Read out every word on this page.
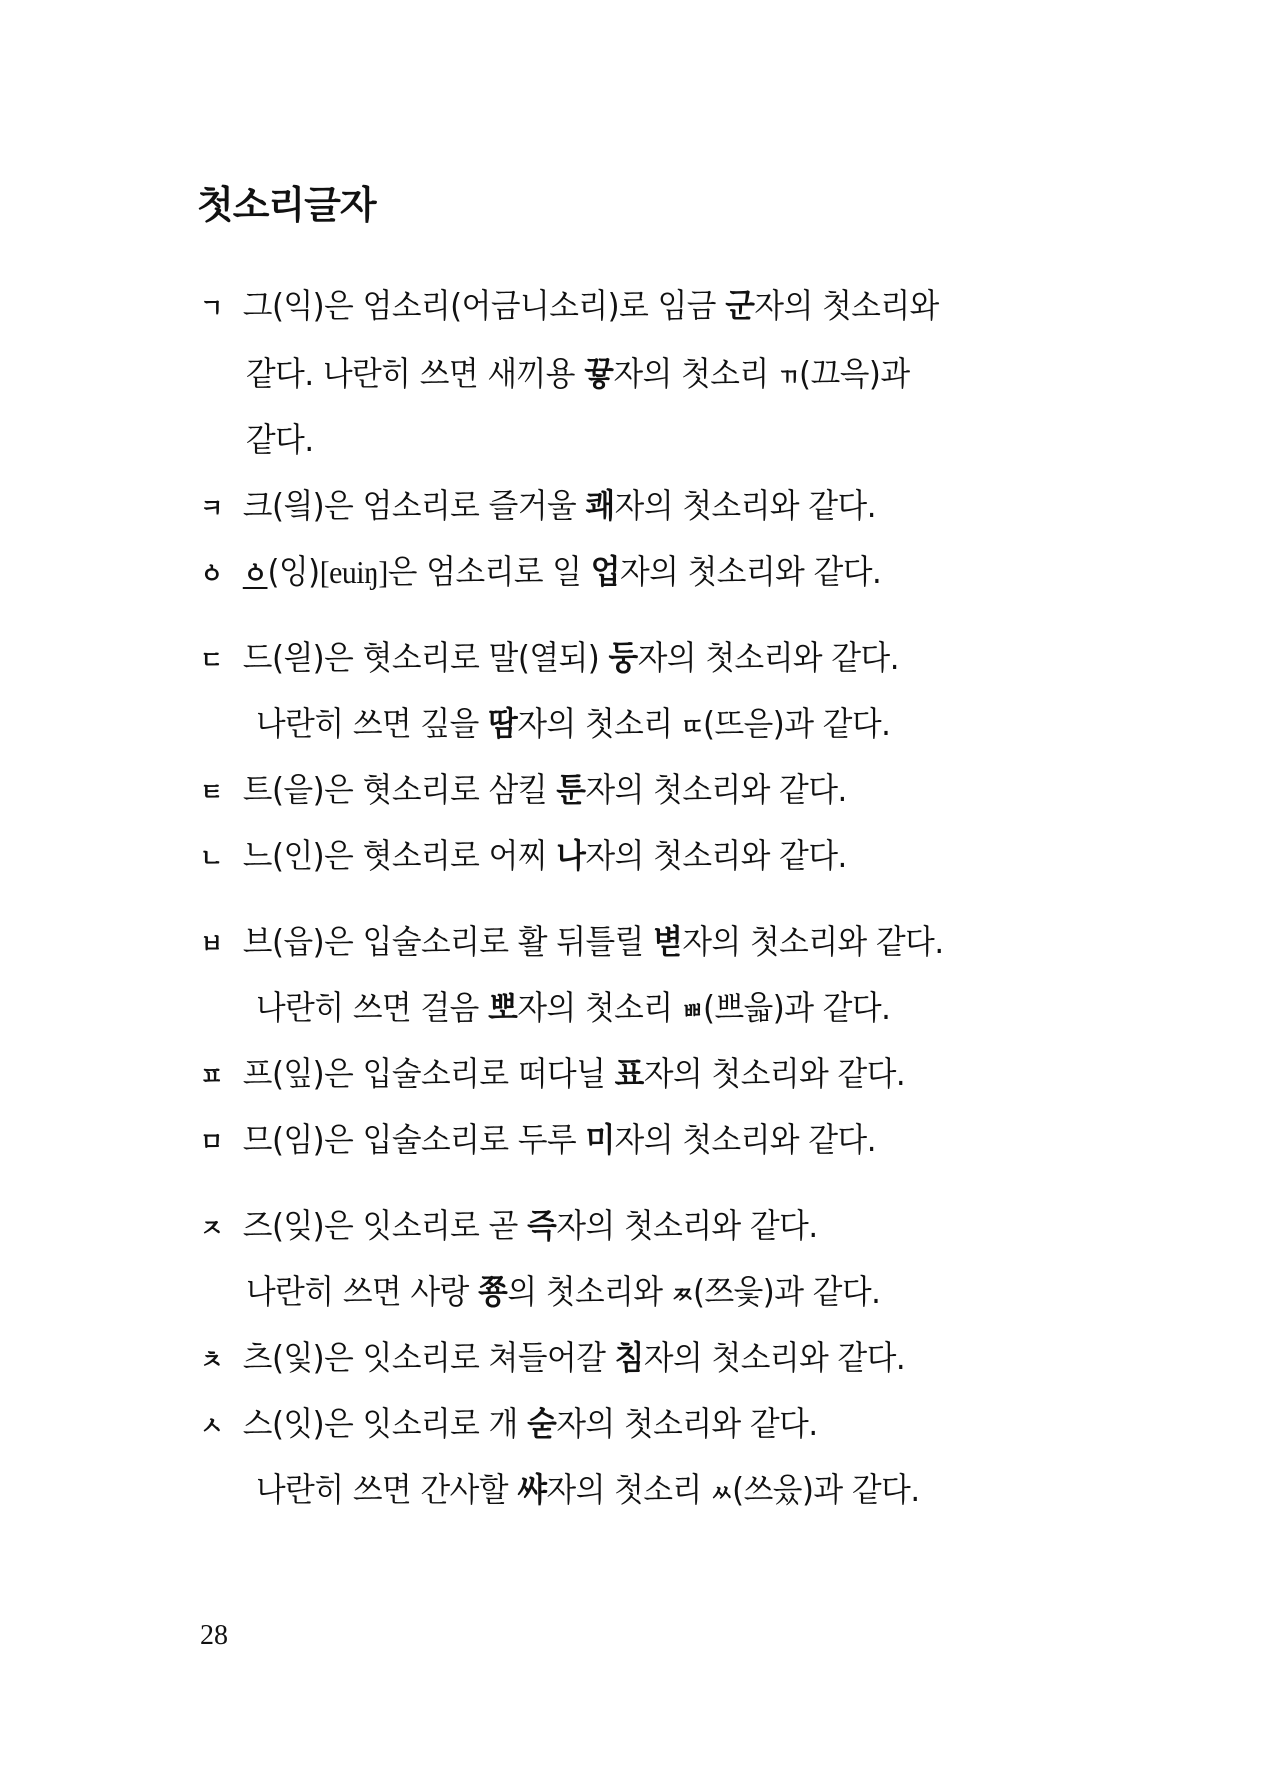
첫소리글자
ㄱ 그(익)은 엄소리(어금니소리)로 임금 군자의 첫소리와
같다. 나란히 쓰면 새끼용 끃자의 첫소리 ㄲ(끄윽)과
같다.
ㅋ 크(읰)은 엄소리로 즐거울 쾌자의 첫소리와 같다.
ㆁ ㆁ(잉)[euiŋ]은 엄소리로 일 업자의 첫소리와 같다.
ㄷ 드(읟)은 혓소리로 말(열되) 둥자의 첫소리와 같다.
나란히 쓰면 깊을 땀자의 첫소리 ㄸ(뜨읃)과 같다.
ㅌ 트(읕)은 혓소리로 삼킬 툰자의 첫소리와 같다.
ㄴ 느(인)은 혓소리로 어찌 나자의 첫소리와 같다.
ㅂ 브(읍)은 입술소리로 활 뒤틀릴 볃자의 첫소리와 같다.
나란히 쓰면 걸음 뽀자의 첫소리 ㅃ(쁘읇)과 같다.
ㅍ 프(잎)은 입술소리로 떠다닐 표자의 첫소리와 같다.
ㅁ 므(임)은 입술소리로 두루 미자의 첫소리와 같다.
ㅈ 즈(잊)은 잇소리로 곧 즉자의 첫소리와 같다.
나란히 쓰면 사랑 쭁의 첫소리와 ㅉ(쯔읓)과 같다.
ㅊ 츠(잋)은 잇소리로 쳐들어갈 침자의 첫소리와 같다.
ㅅ 스(잇)은 잇소리로 개 숟자의 첫소리와 같다.
나란히 쓰면 간사할 쌰자의 첫소리 ㅆ(쓰읐)과 같다.
28
